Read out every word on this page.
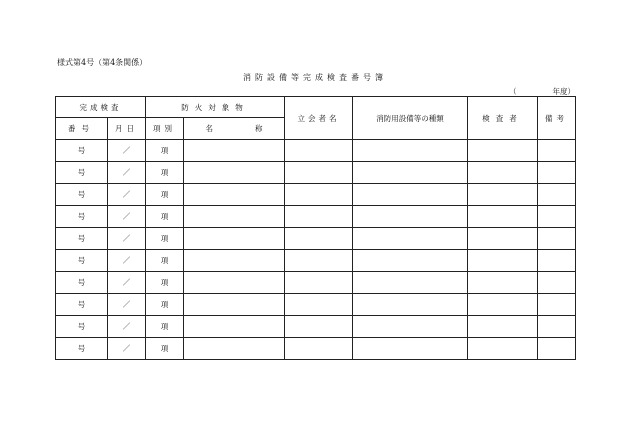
様式第4号（第4条関係）
消防設備等完成検査番号簿
（	年度）
完成検査		防火対象物		立会者名	消防用設備等の種類	検査者	備考
番号	月日	項別	名 称				
号	／	項					
号	／	項					
号	／	項					
号	／	項					
号	／	項					
号	／	項					
号	／	項					
号	／	項					
号	／	項					
号	／	項					
